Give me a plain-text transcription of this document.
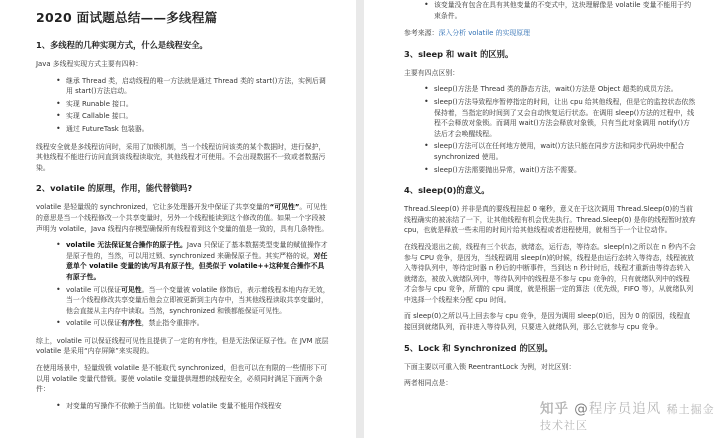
2020 面试题总结——多线程篇
1、多线程的几种实现方式，什么是线程安全。

Java 多线程实现方式主要有四种：

• 继承 Thread 类，启动线程的唯一方法就是通过 Thread 类的 start()方法，实例后调用 start()方法启动。
• 实现 Runable 接口。
• 实现 Callable 接口。
• 通过 FutureTask 包装器。

线程安全就是多线程访问时，采用了加锁机制，当一个线程访问该类的某个数据时，进行保护，其他线程不能进行访问直到该线程读取完，其他线程才可使用。不会出现数据不一致或者数据污染。

2、volatile 的原理，作用，能代替锁吗?

volatile 是轻量级的 synchronized，它让多处理器开发中保证了共享变量的“可见性”。可见性的意思是当一个线程修改一个共享变量时，另外一个线程能读到这个修改的值。如果一个字段被声明为 volatile，Java 线程内存模型确保所有线程看到这个变量的值是一致的，具有几条特性。

• volatile 无法保证复合操作的原子性。Java 只保证了基本数据类型变量的赋值操作才是原子性的，当然，可以用过锁、synchronized 来确保原子性。其实严格的说，对任意单个 volatile 变量的读/写具有原子性，但类似于 volatile++这种复合操作不具有原子性。
• volatile 可以保证可见性。当一个变量被 volatile 修饰后，表示着线程本地内存无效，当一个线程修改共享变量后他会立即被更新到主内存中，当其他线程读取共享变量时，他会直接从主内存中读取。当然，synchronized 和锁都能保证可见性。
• volatile 可以保证有序性，禁止指令重排序。

综上，volatile 可以保证线程可见性且提供了一定的有序性，但是无法保证原子性。在 JVM 底层 volatile 是采用“内存屏障”来实现的。

在使用场景中，轻量级锁 volatile 是不能取代 synchronized，但也可以在有限的一些情形下可以用 volatile 变量代替锁。要使 volatile 变量提供理想的线程安全，必须同时满足下面两个条件：

• 对变量的写操作不依赖于当前值。比如使 volatile 变量不能用作线程安
• 该变量没有包含在具有其他变量的不变式中，这块理解像是 volatile 变量不能用于约束条件。

参考来源：深入分析 volatile 的实现原理

3、sleep 和 wait 的区别。

主要有四点区别：

• sleep()方法是 Thread 类的静态方法，wait()方法是 Object 超类的成员方法。
• sleep()方法导致程序暂停指定的时间，让出 cpu 给其他线程，但是它的监控状态依然保持着，当指定的时间到了又会自动恢复运行状态。在调用 sleep()方法的过程中，线程不会释放对象锁。而调用 wait()方法会释放对象锁，只有当此对象调用 notify()方法后才会唤醒线程。
• sleep()方法可以在任何地方使用，wait()方法只能在同步方法和同步代码块中配合 synchronized 使用。
• sleep()方法需要抛出异常，wait()方法不需要。
4、sleep(0)的意义。

Thread.Sleep(0) 并非是真的要线程挂起 0 毫秒，意义在于这次调用 Thread.Sleep(0)的当前线程确实的被冻结了一下，让其他线程有机会优先执行。Thread.Sleep(0) 是你的线程暂时放弃 cpu，也就是释放一些未用的时间片给其他线程或者进程使用，就相当于一个让位动作。

在线程没退出之前，线程有三个状态，就绪态，运行态，等待态。sleep(n)之所以在 n 秒内不会参与 CPU 竞争，是因为，当线程调用 sleep(n)的时候，线程是由运行态转入等待态，线程被放入等待队列中，等待定时器 n 秒后的中断事件，当到达 n 秒计时后，线程才重新由等待态转入就绪态，被放入就绪队列中，等待队列中的线程是不参与 cpu 竞争的，只有就绪队列中的线程才会参与 cpu 竞争，所谓的 cpu 调度，就是根据一定的算法（优先级，FIFO 等），从就绪队列中选择一个线程来分配 cpu 时间。

而 sleep(0)之所以马上回去参与 cpu 竞争，是因为调用 sleep(0)后，因为 0 的原因，线程直接回到就绪队列，而非进入等待队列，只要进入就绪队列，那么它就参与 cpu 竞争。

5、Lock 和 Synchronized 的区别。

下面主要以可重入锁 ReentrantLock 为例，对比区别：

两者相同点是：

知乎 @程序员追风 稀土掘金技术社区
